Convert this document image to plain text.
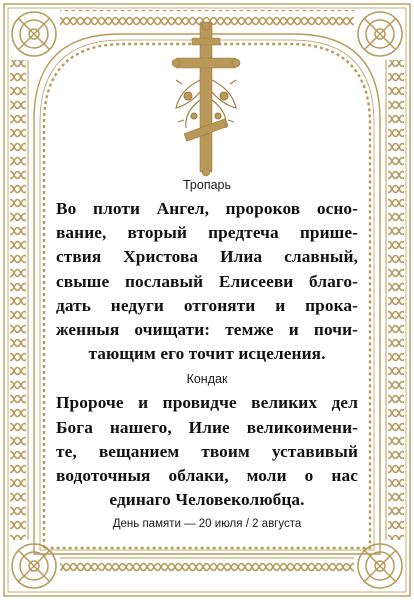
Тропарь
Во плоти Ангел, пророков осно-
вание, вторый предтеча прише-
ствия Христова Илиа славный,
свыше пославый Елисееви благо-
дать недуги отгоняти и прока-
женныя очищати: темже и почи-
тающим его точит исцеления.
Кондак
Пророче и провидче великих дел
Бога нашего, Илие великоимени-
те, вещанием твоим уставивый
водоточныя облаки, моли о нас
единаго Человеколюбца.
День памяти — 20 июля / 2 августа
